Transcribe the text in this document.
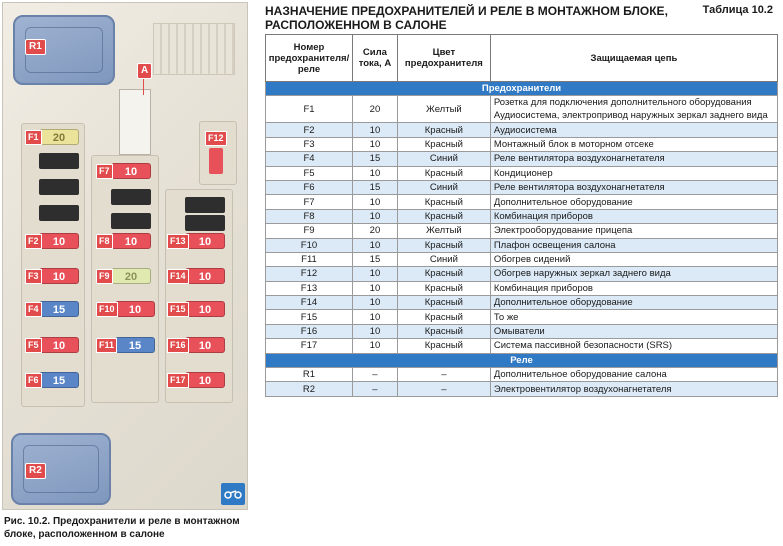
R1
A
F12
20
F1
10
F2
10
F3
15
F4
10
F5
15
F6
10
F7
10
F8
20
F9
10
F10
15
F11
10
F13
10
F14
10
F15
10
F16
10
F17
R2
Рис. 10.2. Предохранители и реле в монтажном блоке, расположенном в салоне
НАЗНАЧЕНИЕ ПРЕДОХРАНИТЕЛЕЙ И РЕЛЕ В МОНТАЖНОМ БЛОКЕ, РАСПОЛОЖЕННОМ В САЛОНЕ
Таблица 10.2
Номер предохранителя/ реле	Сила тока, А	Цвет предохранителя	Защищаемая цепь
Предохранители			
F1	20	Желтый	Розетка для подключения дополнительного оборудования Аудиосистема, электропривод наружных зеркал заднего вида
F2	10	Красный	Аудиосистема
F3	10	Красный	Монтажный блок в моторном отсеке
F4	15	Синий	Реле вентилятора воздухонагнетателя
F5	10	Красный	Кондиционер
F6	15	Синий	Реле вентилятора воздухонагнетателя
F7	10	Красный	Дополнительное оборудование
F8	10	Красный	Комбинация приборов
F9	20	Желтый	Электрооборудование прицепа
F10	10	Красный	Плафон освещения салона
F11	15	Синий	Обогрев сидений
F12	10	Красный	Обогрев наружных зеркал заднего вида
F13	10	Красный	Комбинация приборов
F14	10	Красный	Дополнительное оборудование
F15	10	Красный	То же
F16	10	Красный	Омыватели
F17	10	Красный	Система пассивной безопасности (SRS)
Реле			
R1	–	–	Дополнительное оборудование салона
R2	–	–	Электровентилятор воздухонагнетателя
